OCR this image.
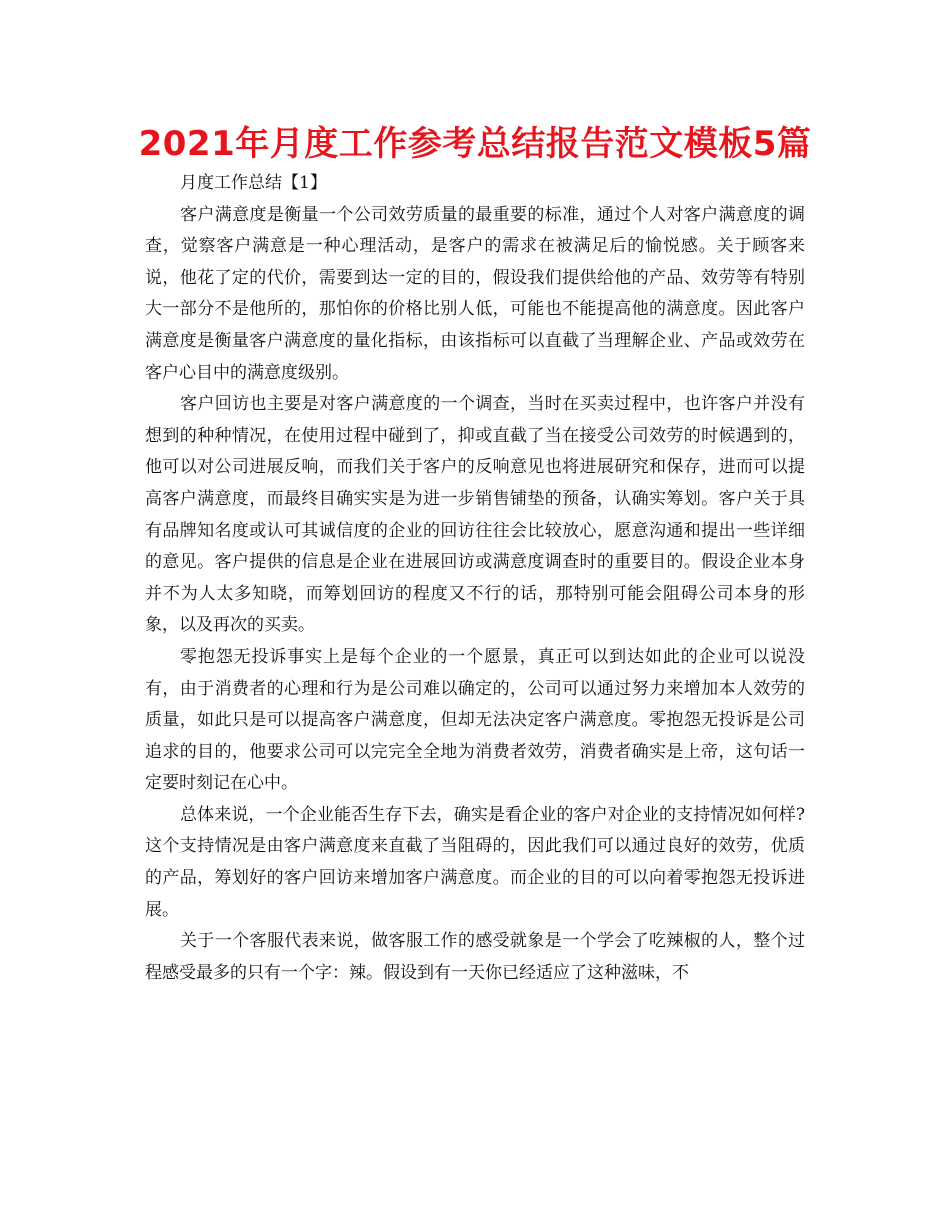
2021年月度工作参考总结报告范文模板5篇

月度工作总结【1】

客户满意度是衡量一个公司效劳质量的最重要的标准，通过个人对客户满意度的调查，觉察客户满意是一种心理活动，是客户的需求在被满足后的愉悦感。关于顾客来说，他花了定的代价，需要到达一定的目的，假设我们提供给他的产品、效劳等有特别大一部分不是他所的，那怕你的价格比别人低，可能也不能提高他的满意度。因此客户满意度是衡量客户满意度的量化指标，由该指标可以直截了当理解企业、产品或效劳在客户心目中的满意度级别。

客户回访也主要是对客户满意度的一个调查，当时在买卖过程中，也许客户并没有想到的种种情况，在使用过程中碰到了，抑或直截了当在接受公司效劳的时候遇到的，他可以对公司进展反响，而我们关于客户的反响意见也将进展研究和保存，进而可以提高客户满意度，而最终目确实实是为进一步销售铺垫的预备，认确实筹划。客户关于具有品牌知名度或认可其诚信度的企业的回访往往会比较放心，愿意沟通和提出一些详细的意见。客户提供的信息是企业在进展回访或满意度调查时的重要目的。假设企业本身并不为人太多知晓，而筹划回访的程度又不行的话，那特别可能会阻碍公司本身的形象，以及再次的买卖。

零抱怨无投诉事实上是每个企业的一个愿景，真正可以到达如此的企业可以说没有，由于消费者的心理和行为是公司难以确定的，公司可以通过努力来增加本人效劳的质量，如此只是可以提高客户满意度，但却无法决定客户满意度。零抱怨无投诉是公司追求的目的，他要求公司可以完完全全地为消费者效劳，消费者确实是上帝，这句话一定要时刻记在心中。

总体来说，一个企业能否生存下去，确实是看企业的客户对企业的支持情况如何样?这个支持情况是由客户满意度来直截了当阻碍的，因此我们可以通过良好的效劳，优质的产品，筹划好的客户回访来增加客户满意度。而企业的目的可以向着零抱怨无投诉进展。

关于一个客服代表来说，做客服工作的感受就象是一个学会了吃辣椒的人，整个过程感受最多的只有一个字：辣。假设到有一天你已经适应了这种滋味，不
